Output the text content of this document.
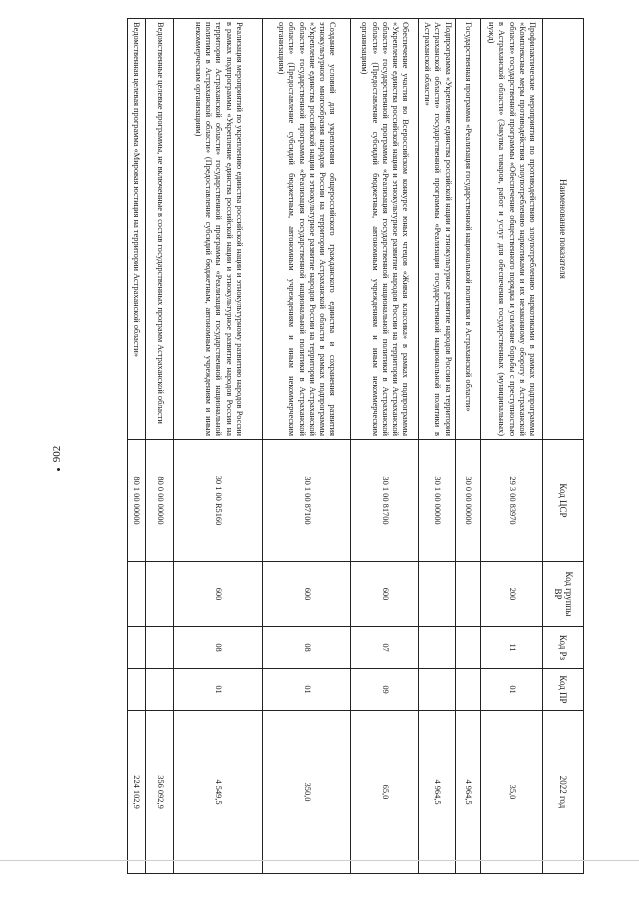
902
Наименование показателя	Код ЦСР	Код группы ВР	Код Рз	Код ПР	2022 год
Профилактические мероприятия по противодействию злоупотреблению наркотиками в рамках подпрограммы «Комплексные меры противодействия злоупотреблению наркотиками и их незаконному обороту в Астраханской области» государственной программы «Обеспечение общественного порядка и усиление борьбы с преступностью в Астраханской области» (Закупка товаров, работ и услуг для обеспечения государственных (муниципальных) нужд)	29 3 00 83970	200	11	01	35,0
Государственная программа «Реализация государственной национальной политики в Астраханской области»	30 0 00 00000				4 964,5
Подпрограмма «Укрепление единства российской нации и этнокультурное развитие народов России на территории Астраханской области» государственной программы «Реализация государственной национальной политики в Астраханской области»	30 1 00 00000				4 964,5
Обеспечение участия во Всероссийском конкурсе юных чтецов «Живая классика» в рамках подпрограммы «Укрепление единства российской нации и этнокультурное развитие народов России на территории Астраханской области» государственной программы «Реализация государственной национальной политики в Астраханской области» (Предоставление субсидий бюджетным, автономным учреждениям и иным некоммерческим организациям)	30 1 00 81700	600	07	09	65,0
Создание условий для укрепления общероссийского гражданского единства и сохранения развития этнокультурного многообразия народов России на территории Астраханской области в рамках подпрограммы «Укрепление единства российской нации и этнокультурное развитие народов России на территории Астраханской области» государственной программы «Реализация государственной национальной политики в Астраханской области» (Предоставление субсидий бюджетным, автономным учреждениям и иным некоммерческим организациям)	30 1 00 87100	600	08	01	350,0
Реализация мероприятий по укреплению единства российской нации и этнокультурному развитию народов России в рамках подпрограммы «Укрепление единства российской нации и этнокультурное развитие народов России на территории Астраханской области» государственной программы «Реализация государственной национальной политики в Астраханской области» (Предоставление субсидий бюджетным, автономным учреждениям и иным некоммерческим организациям)	30 1 00 R5160	600	08	01	4 549,5
Ведомственные целевые программы, не включенные в состав государственных программ Астраханской области	80 0 00 00000				356 092,9
Ведомственная целевая программа «Мировая юстиция на территории Астраханской области»	80 1 00 00000				224 102,9
